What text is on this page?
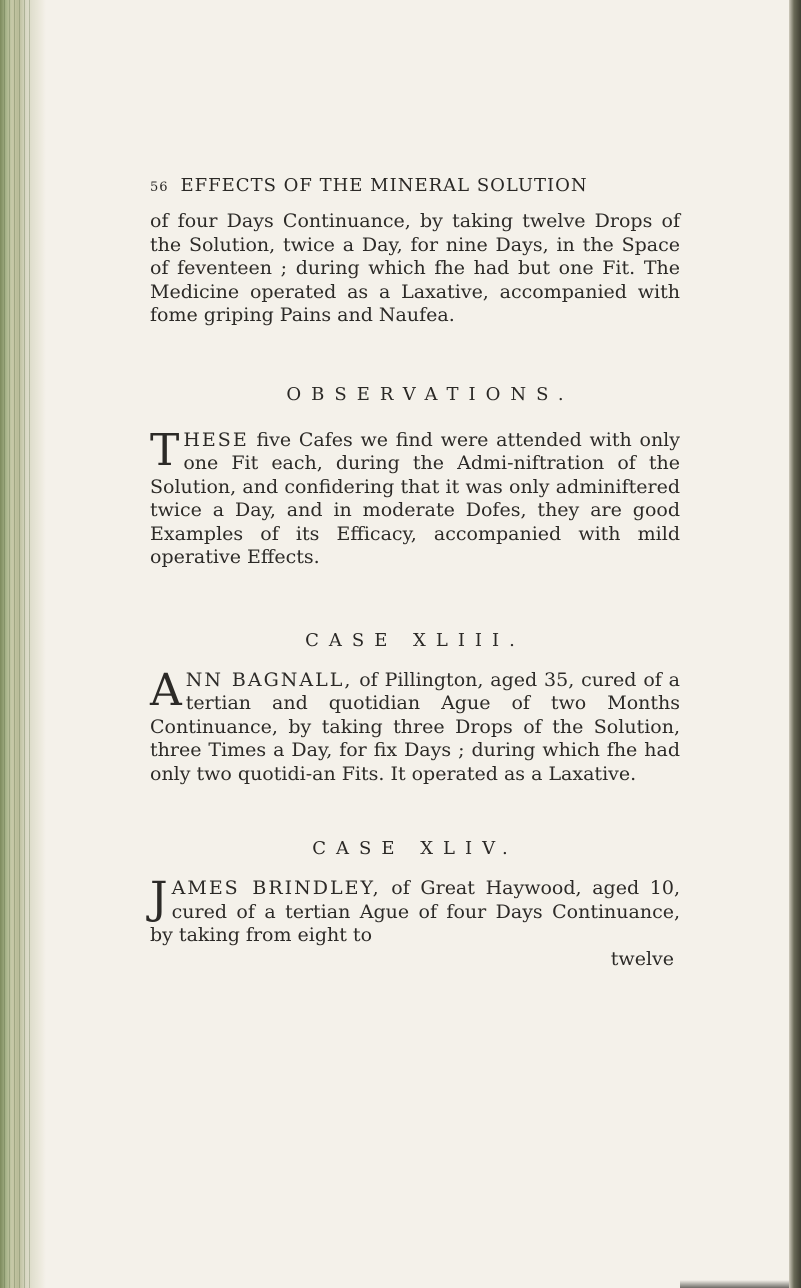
56 EFFECTS OF THE MINERAL SOLUTION

of four Days Continuance, by taking twelve Drops of the Solution, twice a Day, for nine Days, in the Space of feventeen ; during which fhe had but one Fit. The Medicine operated as a Laxative, accompanied with fome griping Pains and Naufea.

OBSERVATIONS.

THESE five Cafes we find were attended with only one Fit each, during the Admi-niftration of the Solution, and confidering that it was only adminiftered twice a Day, and in moderate Dofes, they are good Examples of its Efficacy, accompanied with mild operative Effects.

CASE XLIII.

ANN BAGNALL, of Pillington, aged 35, cured of a tertian and quotidian Ague of two Months Continuance, by taking three Drops of the Solution, three Times a Day, for fix Days ; during which fhe had only two quotidi-an Fits. It operated as a Laxative.

CASE XLIV.

JAMES BRINDLEY, of Great Haywood, aged 10, cured of a tertian Ague of four Days Continuance, by taking from eight to

twelve
